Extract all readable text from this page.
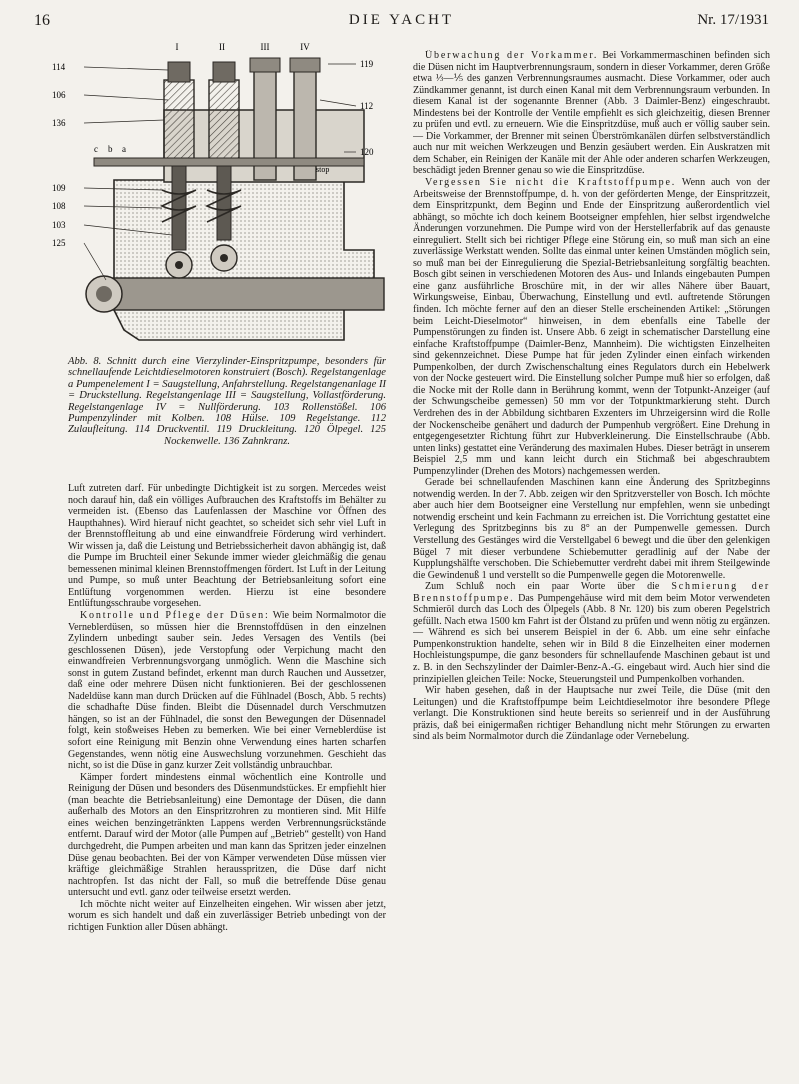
16	DIE YACHT	Nr. 17/1931
I	II	III	IV
114
106
136
109
108
103
125
119
112
120
c b a
stop

Abb. 8. Schnitt durch eine Vierzylinder-Einspritzpumpe, besonders für schnellaufende Leichtdieselmotoren konstruiert (Bosch). Regelstangenlage a Pumpenelement I = Saugstellung, Anfahrstellung. Regelstangenanlage II = Druckstellung. Regelstangenlage III = Saugstellung, Vollastförderung. Regelstangenlage IV = Nullförderung. 103 Rollenstößel. 106 Pumpenzylinder mit Kolben. 108 Hülse. 109 Regelstange. 112 Zulaufleitung. 114 Druckventil. 119 Druckleitung. 120 Ölpegel. 125 Nockenwelle. 136 Zahnkranz.

Luft zutreten darf. Für unbedingte Dichtigkeit ist zu sorgen. Mercedes weist noch darauf hin, daß ein völliges Aufbrauchen des Kraftstoffs im Behälter zu vermeiden ist. (Ebenso das Laufenlassen der Maschine vor Öffnen des Haupthahnes). Wird hierauf nicht geachtet, so scheidet sich sehr viel Luft in der Brennstoffleitung ab und eine einwandfreie Förderung wird verhindert. Wir wissen ja, daß die Leistung und Betriebssicherheit davon abhängig ist, daß die Pumpe im Bruchteil einer Sekunde immer wieder gleichmäßig die genau bemessenen minimal kleinen Brennstoffmengen fördert. Ist Luft in der Leitung und Pumpe, so muß unter Beachtung der Betriebsanleitung sofort eine Entlüftung vorgenommen werden. Hierzu ist eine besondere Entlüftungsschraube vorgesehen.

Kontrolle und Pflege der Düsen: Wie beim Normalmotor die Verneblerdüsen, so müssen hier die Brennstoffdüsen in den einzelnen Zylindern unbedingt sauber sein. Jedes Versagen des Ventils (bei geschlossenen Düsen), jede Verstopfung oder Verpichung macht den einwandfreien Verbrennungsvorgang unmöglich. Wenn die Maschine sich sonst in gutem Zustand befindet, erkennt man durch Rauchen und Aussetzer, daß eine oder mehrere Düsen nicht funktionieren. Bei der geschlossenen Nadeldüse kann man durch Drücken auf die Fühlnadel (Bosch, Abb. 5 rechts) die schadhafte Düse finden. Bleibt die Düsennadel durch Verschmutzen hängen, so ist an der Fühlnadel, die sonst den Bewegungen der Düsennadel folgt, kein stoßweises Heben zu bemerken. Wie bei einer Verneblerdüse ist sofort eine Reinigung mit Benzin ohne Verwendung eines harten scharfen Gegenstandes, wenn nötig eine Auswechslung vorzunehmen. Geschieht das nicht, so ist die Düse in ganz kurzer Zeit vollständig unbrauchbar.

Kämper fordert mindestens einmal wöchentlich eine Kontrolle und Reinigung der Düsen und besonders des Düsenmundstückes. Er empfiehlt hier (man beachte die Betriebsanleitung) eine Demontage der Düsen, die dann außerhalb des Motors an den Einspritzrohren zu montieren sind. Mit Hilfe eines weichen benzingetränkten Lappens werden Verbrennungsrückstände entfernt. Darauf wird der Motor (alle Pumpen auf „Betrieb“ gestellt) von Hand durchgedreht, die Pumpen arbeiten und man kann das Spritzen jeder einzelnen Düse genau beobachten. Bei der von Kämper verwendeten Düse müssen vier kräftige gleichmäßige Strahlen herausspritzen, die Düse darf nicht nachtropfen. Ist das nicht der Fall, so muß die betreffende Düse genau untersucht und evtl. ganz oder teilweise ersetzt werden.

Ich möchte nicht weiter auf Einzelheiten eingehen. Wir wissen aber jetzt, worum es sich handelt und daß ein zuverlässiger Betrieb unbedingt von der richtigen Funktion aller Düsen abhängt.

Überwachung der Vorkammer. Bei Vorkammermaschinen befinden sich die Düsen nicht im Hauptverbrennungsraum, sondern in dieser Vorkammer, deren Größe etwa ⅓—⅕ des ganzen Verbrennungsraumes ausmacht. Diese Vorkammer, oder auch Zündkammer genannt, ist durch einen Kanal mit dem Verbrennungsraum verbunden. In diesem Kanal ist der sogenannte Brenner (Abb. 3 Daimler-Benz) eingeschraubt. Mindestens bei der Kontrolle der Ventile empfiehlt es sich gleichzeitig, diesen Brenner zu prüfen und evtl. zu erneuern. Wie die Einspritzdüse, muß auch er völlig sauber sein. — Die Vorkammer, der Brenner mit seinen Überströmkanälen dürfen selbstverständlich auch nur mit weichen Werkzeugen und Benzin gesäubert werden. Ein Auskratzen mit dem Schaber, ein Reinigen der Kanäle mit der Ahle oder anderen scharfen Werkzeugen, beschädigt jeden Brenner genau so wie die Einspritzdüse.

Vergessen Sie nicht die Kraftstoffpumpe. Wenn auch von der Arbeitsweise der Brennstoffpumpe, d. h. von der geförderten Menge, der Einspritzzeit, dem Einspritzpunkt, dem Beginn und Ende der Einspritzung außerordentlich viel abhängt, so möchte ich doch keinem Bootseigner empfehlen, hier selbst irgendwelche Änderungen vorzunehmen. Die Pumpe wird von der Herstellerfabrik auf das genauste einreguliert. Stellt sich bei richtiger Pflege eine Störung ein, so muß man sich an eine zuverlässige Werkstatt wenden. Sollte das einmal unter keinen Umständen möglich sein, so muß man bei der Einregulierung die Spezial-Betriebsanleitung sorgfältig beachten. Bosch gibt seinen in verschiedenen Motoren des Aus- und Inlands eingebauten Pumpen eine ganz ausführliche Broschüre mit, in der wir alles Nähere über Bauart, Wirkungsweise, Einbau, Überwachung, Einstellung und evtl. auftretende Störungen finden. Ich möchte ferner auf den an dieser Stelle erscheinenden Artikel: „Störungen beim Leicht-Dieselmotor“ hinweisen, in dem ebenfalls eine Tabelle der Pumpenstörungen zu finden ist. Unsere Abb. 6 zeigt in schematischer Darstellung eine einfache Kraftstoffpumpe (Daimler-Benz, Mannheim). Die wichtigsten Einzelheiten sind gekennzeichnet. Diese Pumpe hat für jeden Zylinder einen einfach wirkenden Pumpenkolben, der durch Zwischenschaltung eines Regulators durch ein Hebelwerk von der Nocke gesteuert wird. Die Einstellung solcher Pumpe muß hier so erfolgen, daß die Nocke mit der Rolle dann in Berührung kommt, wenn der Totpunkt-Anzeiger (auf der Schwungscheibe gemessen) 50 mm vor der Totpunktmarkierung steht. Durch Verdrehen des in der Abbildung sichtbaren Exzenters im Uhrzeigersinn wird die Rolle der Nockenscheibe genähert und dadurch der Pumpenhub vergrößert. Eine Drehung in entgegengesetzter Richtung führt zur Hubverkleinerung. Die Einstellschraube (Abb. unten links) gestattet eine Veränderung des maximalen Hubes. Dieser beträgt in unserem Beispiel 2,5 mm und kann leicht durch ein Stichmaß bei abgeschraubtem Pumpenzylinder (Drehen des Motors) nachgemessen werden.

Gerade bei schnellaufenden Maschinen kann eine Änderung des Spritzbeginns notwendig werden. In der 7. Abb. zeigen wir den Spritzversteller von Bosch. Ich möchte aber auch hier dem Bootseigner eine Verstellung nur empfehlen, wenn sie unbedingt notwendig erscheint und kein Fachmann zu erreichen ist. Die Vorrichtung gestattet eine Verlegung des Spritzbeginns bis zu 8° an der Pumpenwelle gemessen. Durch Verstellung des Gestänges wird die Verstellgabel 6 bewegt und die über den gelenkigen Bügel 7 mit dieser verbundene Schiebemutter geradlinig auf der Nabe der Kupplungshälfte verschoben. Die Schiebemutter verdreht dabei mit ihrem Steilgewinde die Gewindenuß 1 und verstellt so die Pumpenwelle gegen die Motorenwelle.

Zum Schluß noch ein paar Worte über die Schmierung der Brennstoffpumpe. Das Pumpengehäuse wird mit dem beim Motor verwendeten Schmieröl durch das Loch des Ölpegels (Abb. 8 Nr. 120) bis zum oberen Pegelstrich gefüllt. Nach etwa 1500 km Fahrt ist der Ölstand zu prüfen und wenn nötig zu ergänzen. — Während es sich bei unserem Beispiel in der 6. Abb. um eine sehr einfache Pumpenkonstruktion handelte, sehen wir in Bild 8 die Einzelheiten einer modernen Hochleistungspumpe, die ganz besonders für schnellaufende Maschinen gebaut ist und z. B. in den Sechszylinder der Daimler-Benz-A.-G. eingebaut wird. Auch hier sind die prinzipiellen gleichen Teile: Nocke, Steuerungsteil und Pumpenkolben vorhanden.

Wir haben gesehen, daß in der Hauptsache nur zwei Teile, die Düse (mit den Leitungen) und die Kraftstoffpumpe beim Leichtdieselmotor ihre besondere Pflege verlangt. Die Konstruktionen sind heute bereits so serienreif und in der Ausführung präzis, daß bei einigermaßen richtiger Behandlung nicht mehr Störungen zu erwarten sind als beim Normalmotor durch die Zündanlage oder Vernebelung.
